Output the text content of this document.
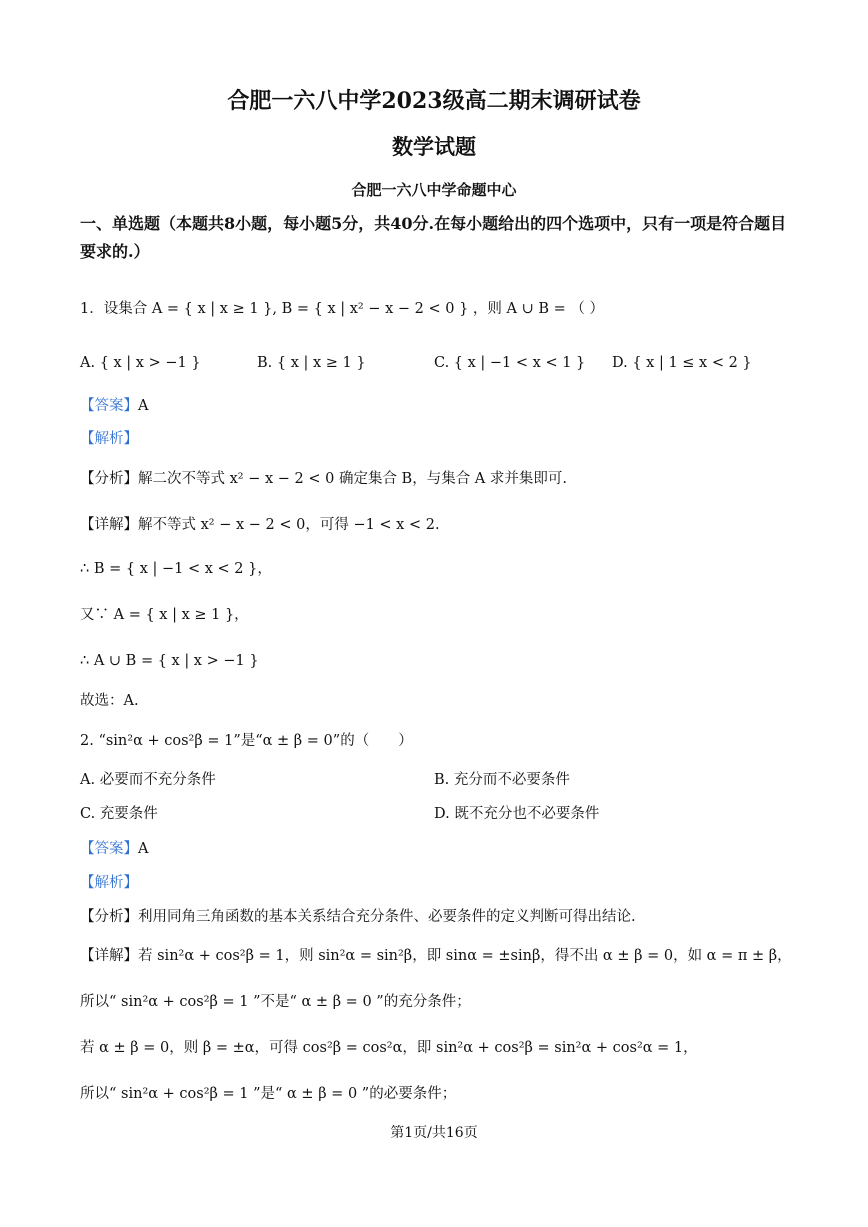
合肥一六八中学2023级高二期末调研试卷
数学试题
合肥一六八中学命题中心
一、单选题（本题共8小题，每小题5分，共40分.在每小题给出的四个选项中，只有一项是符合题目要求的.）
1．设集合 A = { x | x ≥ 1 }, B = { x | x² − x − 2 < 0 } ，则 A ∪ B = （ ）
A. { x | x > −1 }	B. { x | x ≥ 1 }	C. { x | −1 < x < 1 } D. { x | 1 ≤ x < 2 }
【答案】A
【解析】
【分析】解二次不等式 x² − x − 2 < 0 确定集合 B，与集合 A 求并集即可.
【详解】解不等式 x² − x − 2 < 0，可得 −1 < x < 2.
∴ B = { x | −1 < x < 2 }，
又∵ A = { x | x ≥ 1 }，
∴ A ∪ B = { x | x > −1 }
故选：A.
2. “sin²α + cos²β = 1”是“α ± β = 0”的（　　）
A. 必要而不充分条件	B. 充分而不必要条件
C. 充要条件	D. 既不充分也不必要条件
【答案】A
【解析】
【分析】利用同角三角函数的基本关系结合充分条件、必要条件的定义判断可得出结论.
【详解】若 sin²α + cos²β = 1，则 sin²α = sin²β，即 sinα = ±sinβ，得不出 α ± β = 0，如 α = π ± β，
所以“ sin²α + cos²β = 1 ”不是“ α ± β = 0 ”的充分条件；
若 α ± β = 0，则 β = ±α，可得 cos²β = cos²α，即 sin²α + cos²β = sin²α + cos²α = 1，
所以“ sin²α + cos²β = 1 ”是“ α ± β = 0 ”的必要条件；
第1页/共16页
